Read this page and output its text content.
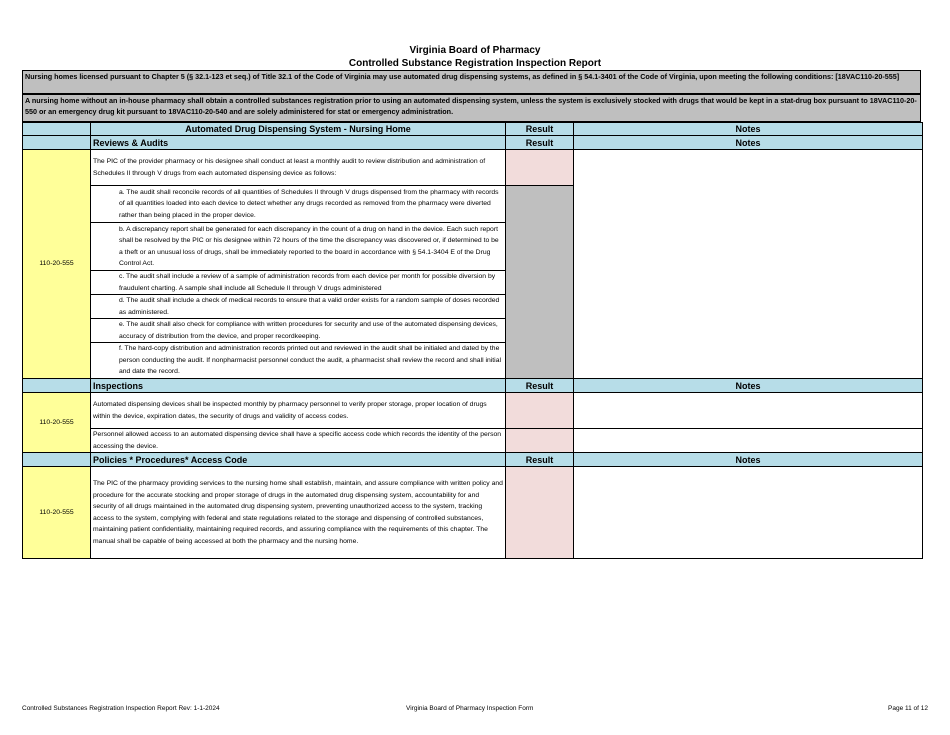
Virginia Board of Pharmacy
Controlled Substance Registration Inspection Report
Nursing homes licensed pursuant to Chapter 5 (§ 32.1-123 et seq.) of Title 32.1 of the Code of Virginia may use automated drug dispensing systems, as defined in § 54.1-3401 of the Code of Virginia, upon meeting the following conditions: [18VAC110-20-555]
A nursing home without an in-house pharmacy shall obtain a controlled substances registration prior to using an automated dispensing system, unless the system is exclusively stocked with drugs that would be kept in a stat-drug box pursuant to 18VAC110-20-550 or an emergency drug kit pursuant to 18VAC110-20-540 and are solely administered for stat or emergency administration.
	Automated Drug Dispensing System - Nursing Home	Result	Notes
	Reviews & Audits	Result	Notes
110-20-555	The PIC of the provider pharmacy or his designee shall conduct at least a monthly audit to review distribution and administration of Schedules II through V drugs from each automated dispensing device as follows:		
	a. The audit shall reconcile records of all quantities of Schedules II through V drugs dispensed from the pharmacy with records of all quantities loaded into each device to detect whether any drugs recorded as removed from the pharmacy were diverted rather than being placed in the proper device.		
	b. A discrepancy report shall be generated for each discrepancy in the count of a drug on hand in the device. Each such report shall be resolved by the PIC or his designee within 72 hours of the time the discrepancy was discovered or, if determined to be a theft or an unusual loss of drugs, shall be immediately reported to the board in accordance with § 54.1-3404 E of the Drug Control Act.		
	c. The audit shall include a review of a sample of administration records from each device per month for possible diversion by fraudulent charting. A sample shall include all Schedule II through V drugs administered		
	d. The audit shall include a check of medical records to ensure that a valid order exists for a random sample of doses recorded as administered.		
	e. The audit shall also check for compliance with written procedures for security and use of the automated dispensing devices, accuracy of distribution from the device, and proper recordkeeping.		
	f. The hard-copy distribution and administration records printed out and reviewed in the audit shall be initialed and dated by the person conducting the audit. If nonpharmacist personnel conduct the audit, a pharmacist shall review the record and shall initial and date the record.		
	Inspections	Result	Notes
110-20-555	Automated dispensing devices shall be inspected monthly by pharmacy personnel to verify proper storage, proper location of drugs within the device, expiration dates, the security of drugs and validity of access codes.		
	Personnel allowed access to an automated dispensing device shall have a specific access code which records the identity of the person accessing the device.		
	Policies * Procedures* Access Code	Result	Notes
110-20-555	The PIC of the pharmacy providing services to the nursing home shall establish, maintain, and assure compliance with written policy and procedure for the accurate stocking and proper storage of drugs in the automated drug dispensing system, accountability for and security of all drugs maintained in the automated drug dispensing system, preventing unauthorized access to the system, tracking access to the system, complying with federal and state regulations related to the storage and dispensing of controlled substances, maintaining patient confidentiality, maintaining required records, and assuring compliance with the requirements of this chapter. The manual shall be capable of being accessed at both the pharmacy and the nursing home.		
Controlled Substances Registration Inspection Report Rev: 1-1-2024	Virginia Board of Pharmacy Inspection Form	Page 11 of 12
